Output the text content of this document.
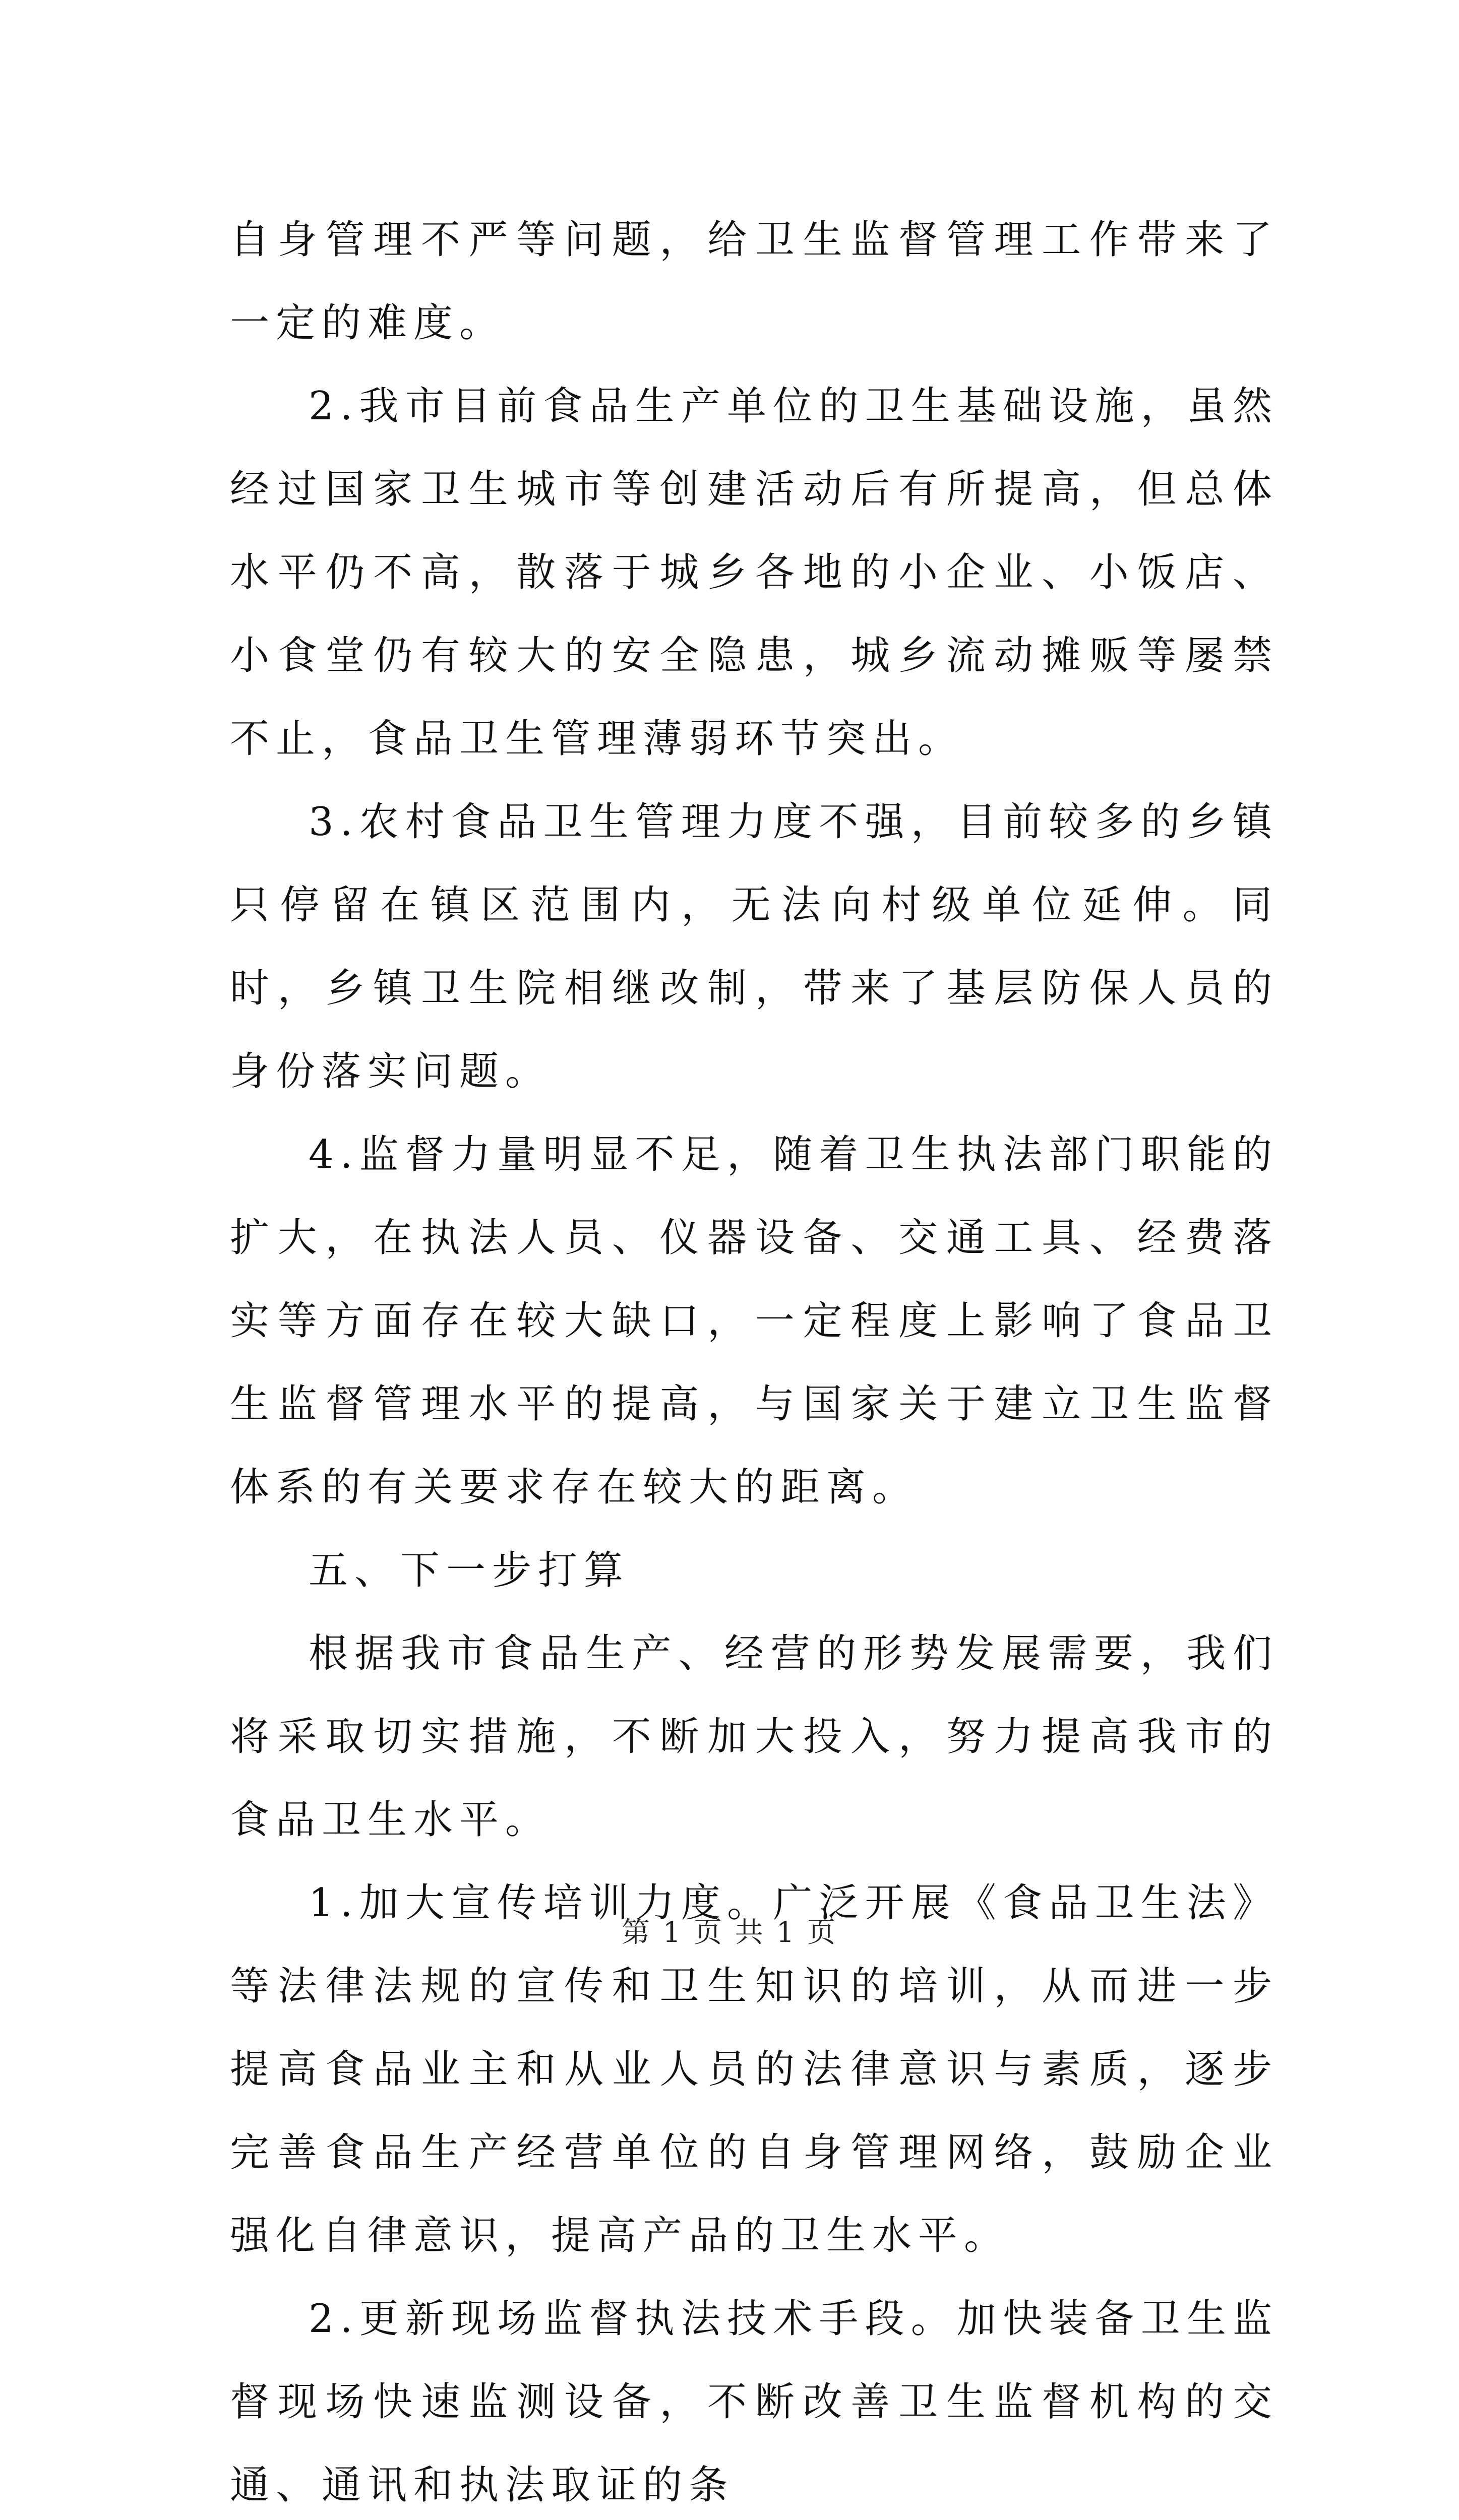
自身管理不严等问题，给卫生监督管理工作带来了一定的难度。

2.我市目前食品生产单位的卫生基础设施，虽然经过国家卫生城市等创建活动后有所提高，但总体水平仍不高，散落于城乡各地的小企业、小饭店、小食堂仍有较大的安全隐患，城乡流动摊贩等屡禁不止，食品卫生管理薄弱环节突出。

3.农村食品卫生管理力度不强，目前较多的乡镇只停留在镇区范围内，无法向村级单位延伸。同时，乡镇卫生院相继改制，带来了基层防保人员的身份落实问题。

4.监督力量明显不足，随着卫生执法部门职能的扩大，在执法人员、仪器设备、交通工具、经费落实等方面存在较大缺口，一定程度上影响了食品卫生监督管理水平的提高，与国家关于建立卫生监督体系的有关要求存在较大的距离。

五、下一步打算

根据我市食品生产、经营的形势发展需要，我们将采取切实措施，不断加大投入，努力提高我市的食品卫生水平。

1.加大宣传培训力度。广泛开展《食品卫生法》等法律法规的宣传和卫生知识的培训，从而进一步提高食品业主和从业人员的法律意识与素质，逐步完善食品生产经营单位的自身管理网络，鼓励企业强化自律意识，提高产品的卫生水平。

2.更新现场监督执法技术手段。加快装备卫生监督现场快速监测设备，不断改善卫生监督机构的交通、通讯和执法取证的条

第 1 页 共 1 页
